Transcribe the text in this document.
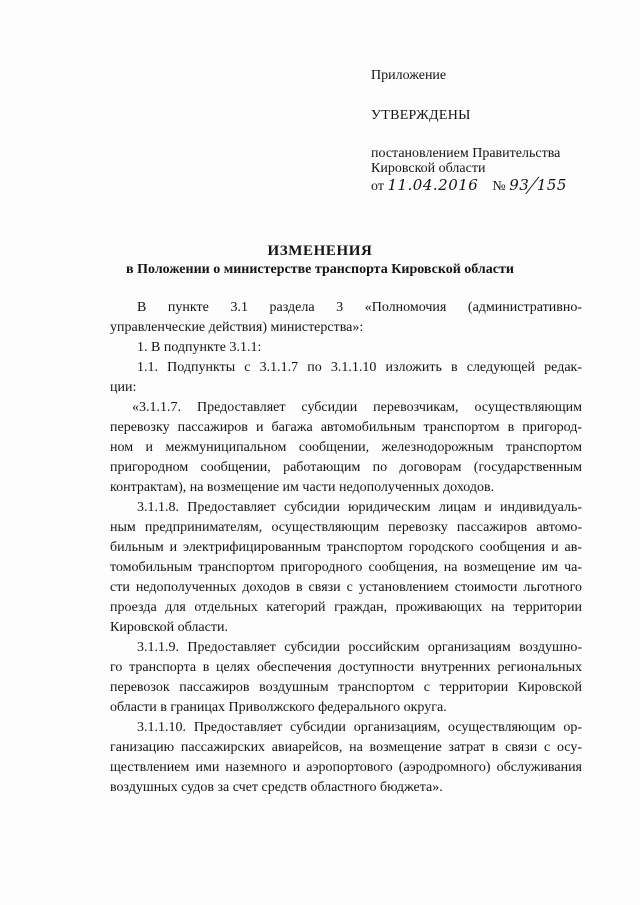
Приложение
УТВЕРЖДЕНЫ
постановлением Правительства
Кировской области
от 11.04.2016 № 93/155
ИЗМЕНЕНИЯ
в Положении о министерстве транспорта Кировской области
В пункте 3.1 раздела 3 «Полномочия (административно-
управленческие действия) министерства»:
1. В подпункте 3.1.1:
1.1. Подпункты с 3.1.1.7 по 3.1.1.10 изложить в следующей редак-
ции:
«3.1.1.7. Предоставляет субсидии перевозчикам, осуществляющим
перевозку пассажиров и багажа автомобильным транспортом в пригород-
ном и межмуниципальном сообщении, железнодорожным транспортом
пригородном сообщении, работающим по договорам (государственным
контрактам), на возмещение им части недополученных доходов.
3.1.1.8. Предоставляет субсидии юридическим лицам и индивидуаль-
ным предпринимателям, осуществляющим перевозку пассажиров автомо-
бильным и электрифицированным транспортом городского сообщения и ав-
томобильным транспортом пригородного сообщения, на возмещение им ча-
сти недополученных доходов в связи с установлением стоимости льготного
проезда для отдельных категорий граждан, проживающих на территории
Кировской области.
3.1.1.9. Предоставляет субсидии российским организациям воздушно-
го транспорта в целях обеспечения доступности внутренних региональных
перевозок пассажиров воздушным транспортом с территории Кировской
области в границах Приволжского федерального округа.
3.1.1.10. Предоставляет субсидии организациям, осуществляющим ор-
ганизацию пассажирских авиарейсов, на возмещение затрат в связи с осу-
ществлением ими наземного и аэропортового (аэродромного) обслуживания
воздушных судов за счет средств областного бюджета».
